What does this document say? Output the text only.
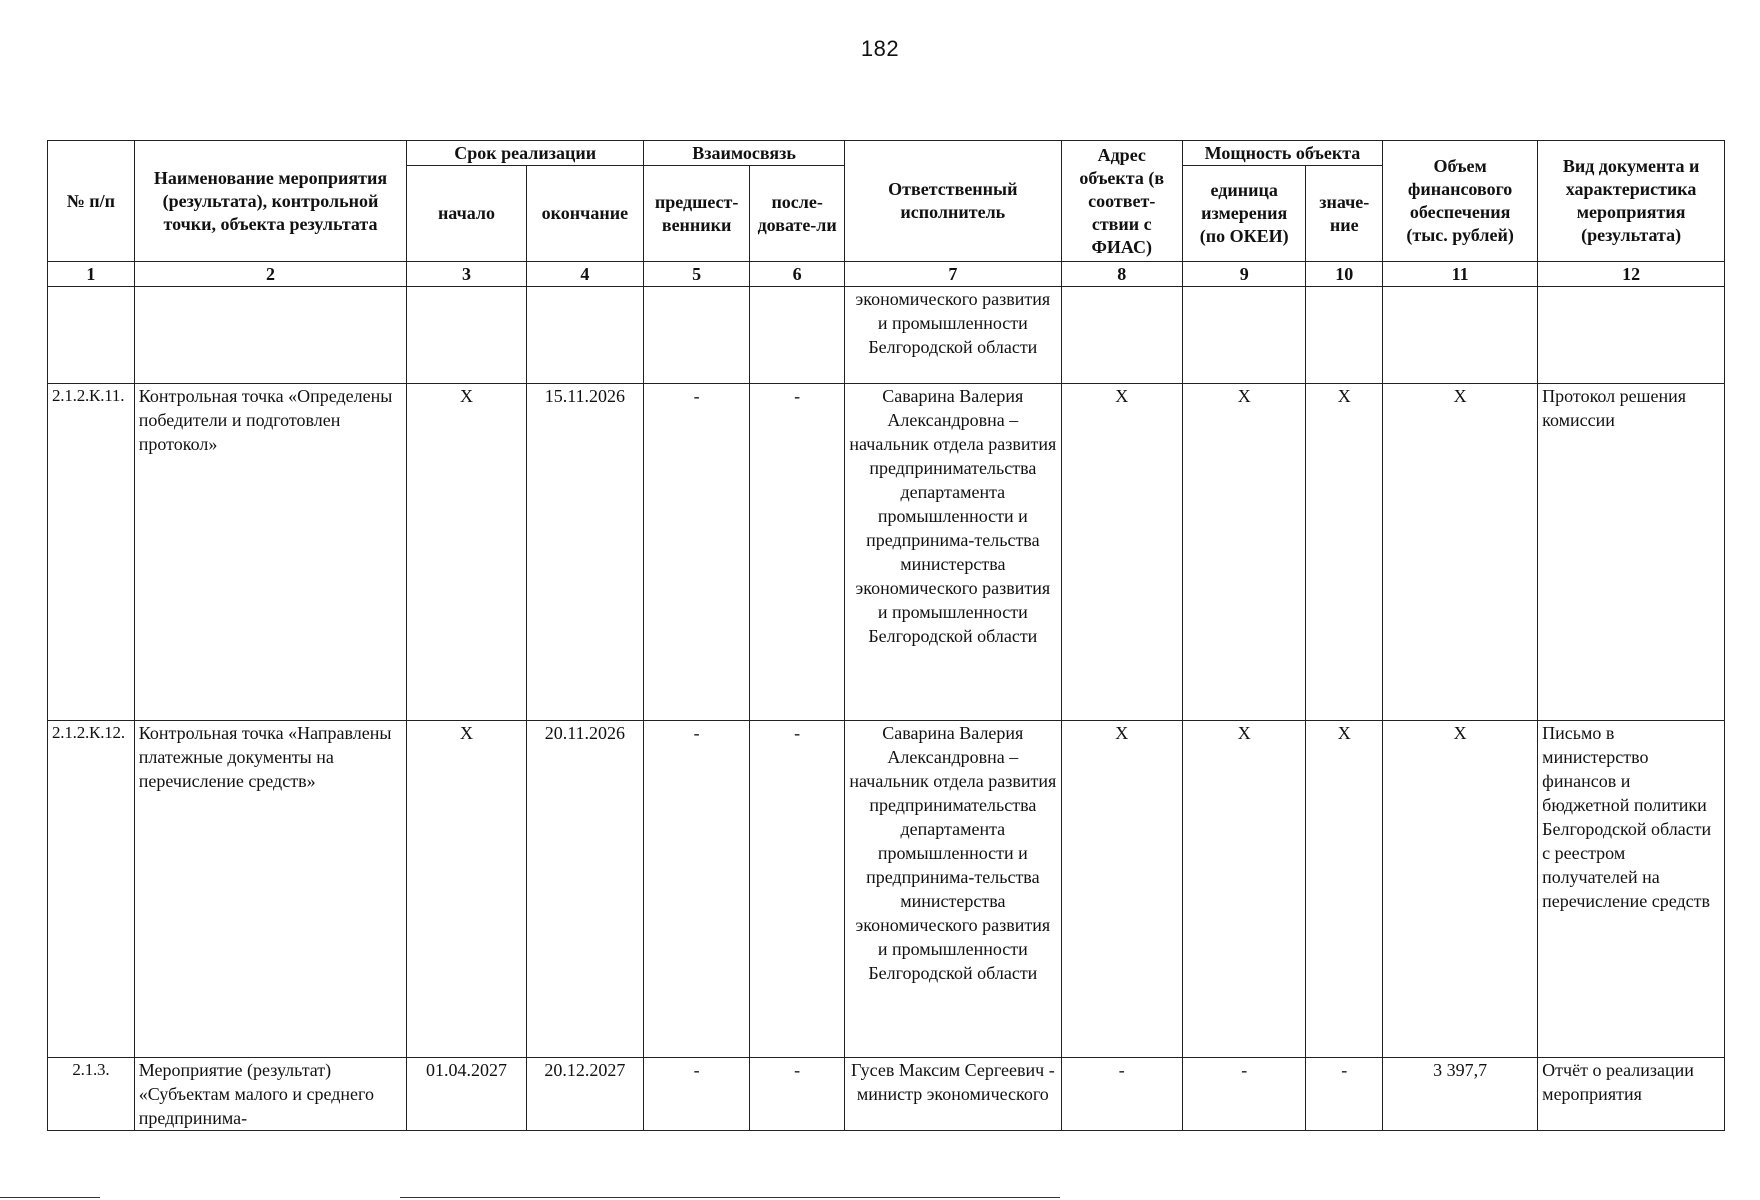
182
№ п/п	Наименование мероприятия (результата), контрольной точки, объекта результата	Срок реализации		Взаимосвязь		Ответственный исполнитель	Адрес объекта (в соответ-ствии с ФИАС)	Мощность объекта		Объем финансового обеспечения (тыс. рублей)	Вид документа и характеристика мероприятия (результата)
		начало	окончание	предшест-венники	после-довате-ли			единица измерения (по ОКЕИ)	значе-ние		
1	2	3	4	5	6	7	8	9	10	11	12
						экономического развития и промышленности Белгородской области					
2.1.2.К.11.	Контрольная точка «Определены победители и подготовлен протокол»	Х	15.11.2026	-	-	Саварина Валерия Александровна – начальник отдела развития предпринимательства департамента промышленности и предпринима-тельства министерства экономического развития и промышленности Белгородской области	Х	Х	Х	Х	Протокол решения комиссии
2.1.2.К.12.	Контрольная точка «Направлены платежные документы на перечисление средств»	Х	20.11.2026	-	-	Саварина Валерия Александровна – начальник отдела развития предпринимательства департамента промышленности и предпринима-тельства министерства экономического развития и промышленности Белгородской области	Х	Х	Х	Х	Письмо в министерство финансов и бюджетной политики Белгородской области с реестром получателей на перечисление средств
2.1.3.	Мероприятие (результат) «Субъектам малого и среднего предпринима-	01.04.2027	20.12.2027	-	-	Гусев Максим Сергеевич - министр экономического	-	-	-	3 397,7	Отчёт о реализации мероприятия
